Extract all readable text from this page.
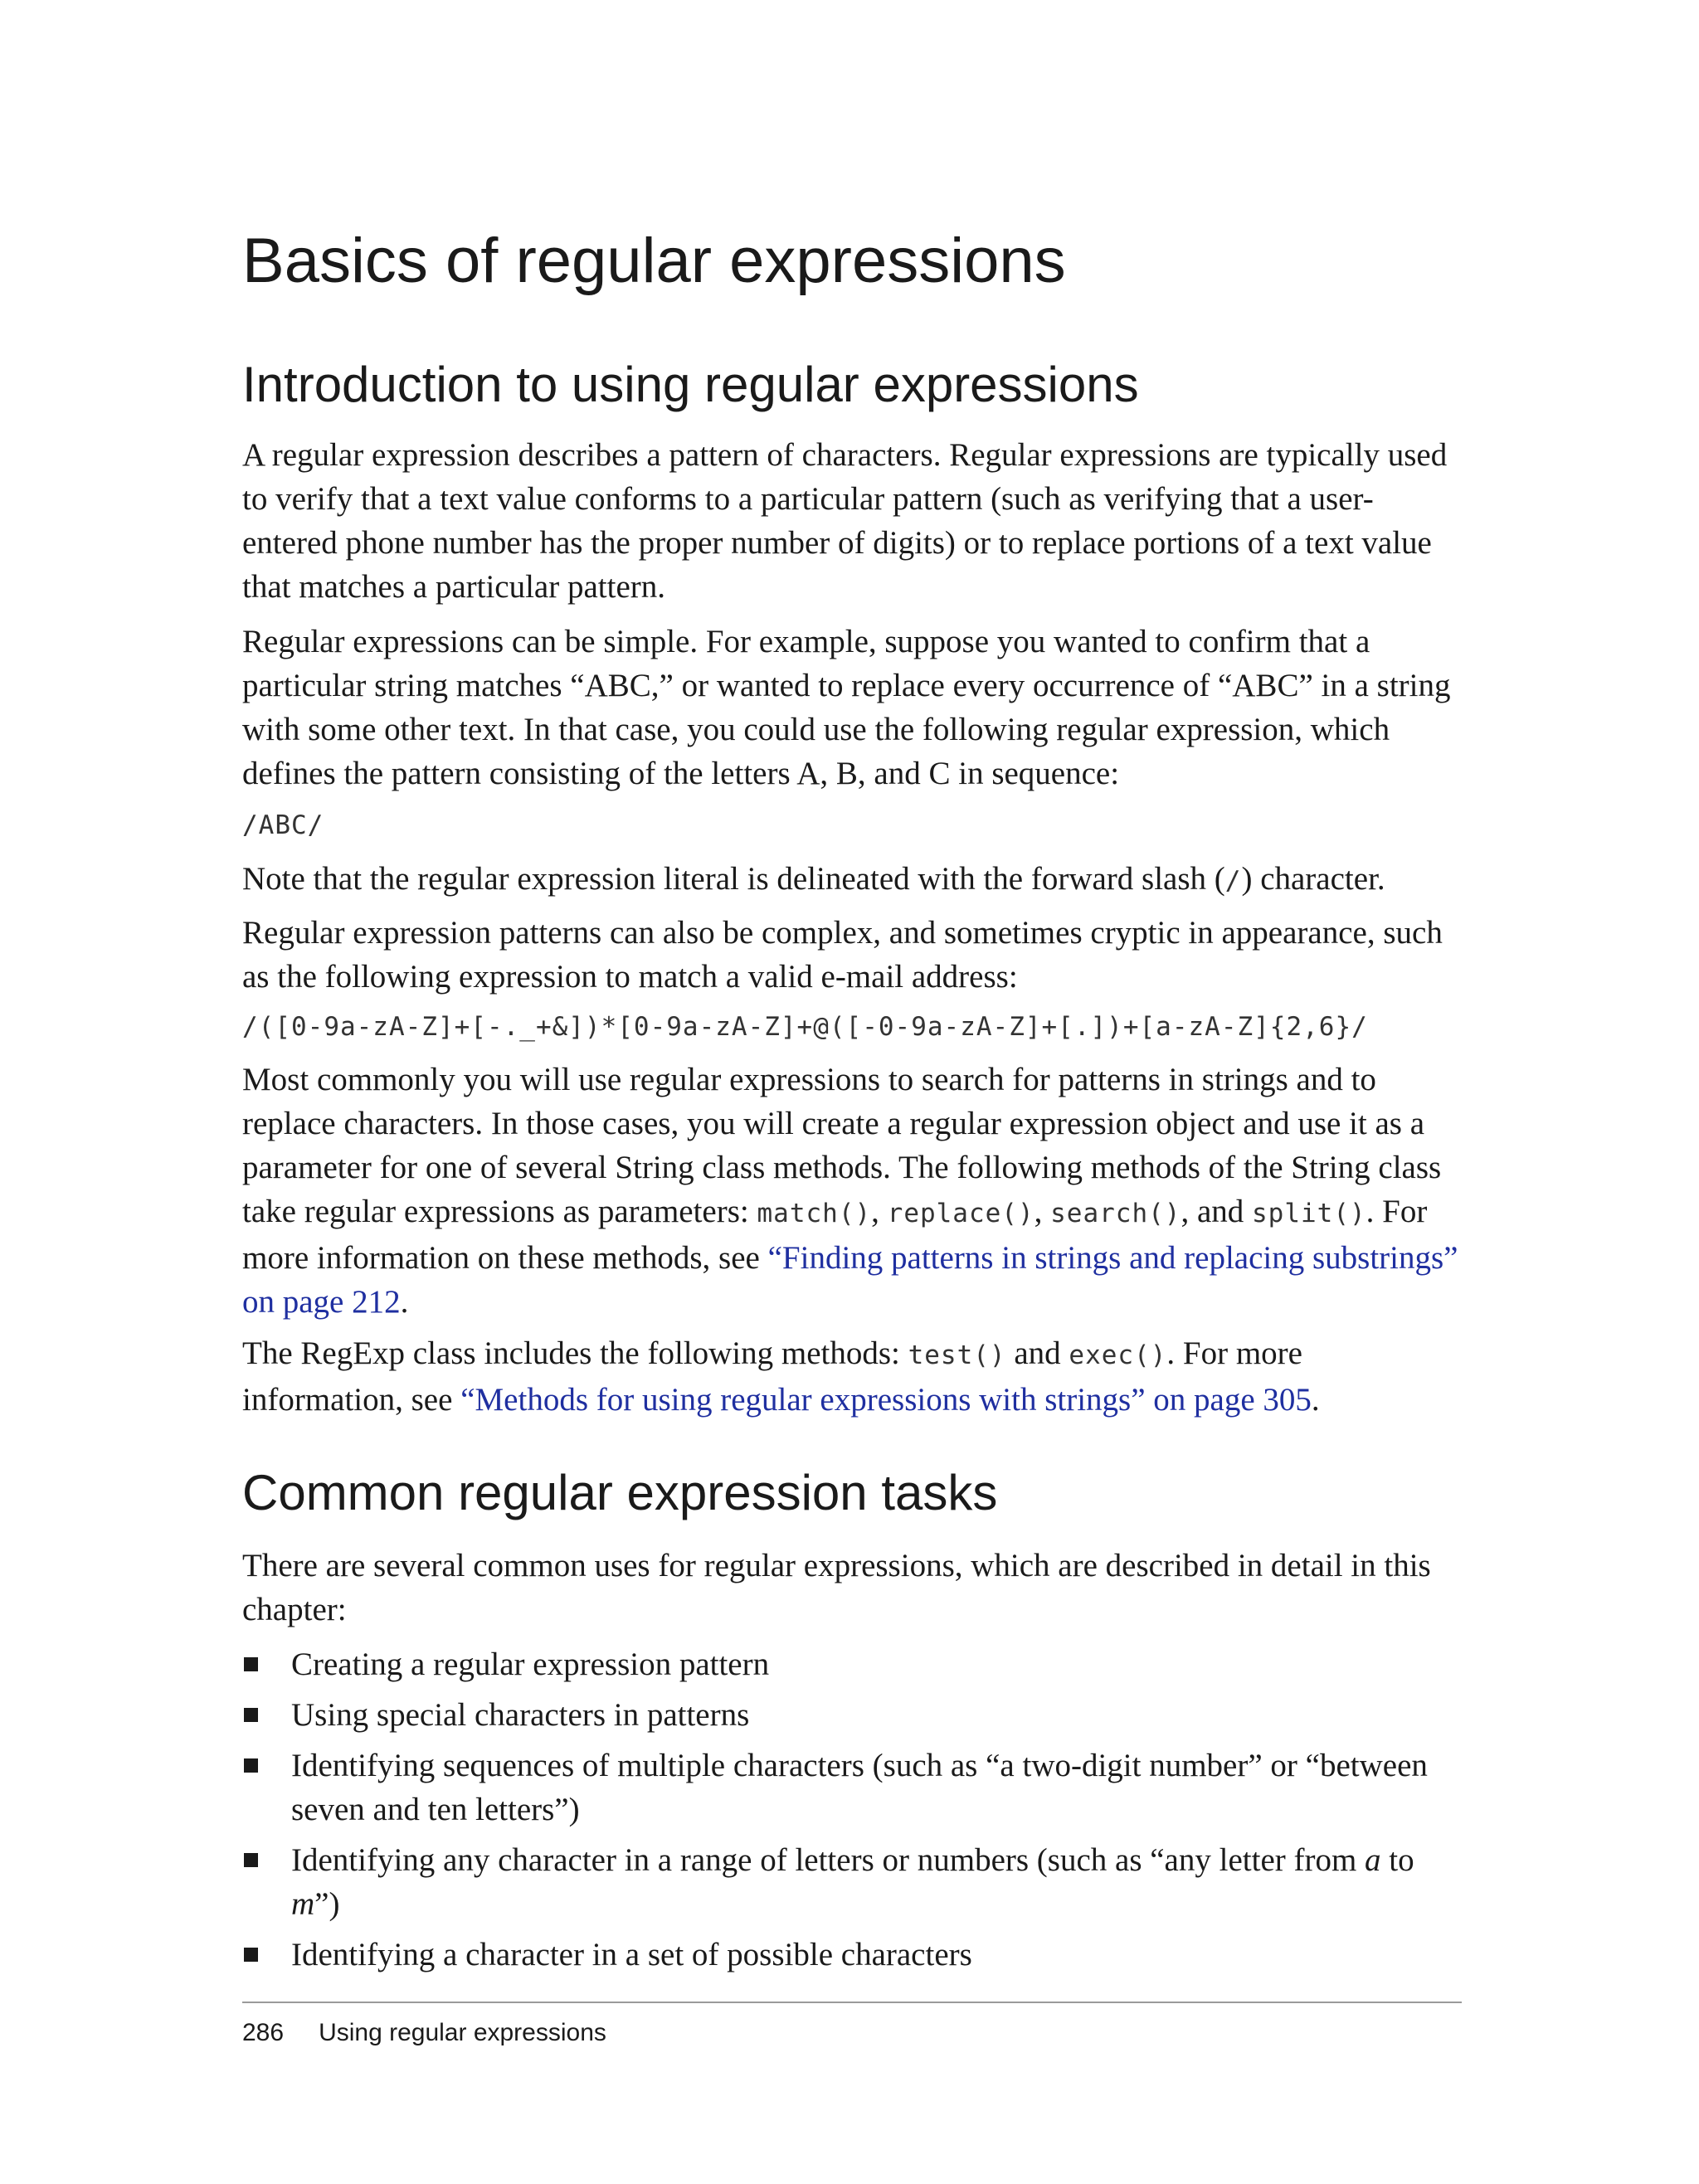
Basics of regular expressions
Introduction to using regular expressions

A regular expression describes a pattern of characters. Regular expressions are typically used to verify that a text value conforms to a particular pattern (such as verifying that a user-entered phone number has the proper number of digits) or to replace portions of a text value that matches a particular pattern.

Regular expressions can be simple. For example, suppose you wanted to confirm that a particular string matches “ABC,” or wanted to replace every occurrence of “ABC” in a string with some other text. In that case, you could use the following regular expression, which defines the pattern consisting of the letters A, B, and C in sequence:

/ABC/

Note that the regular expression literal is delineated with the forward slash (/) character.

Regular expression patterns can also be complex, and sometimes cryptic in appearance, such as the following expression to match a valid e-mail address:

/([0-9a-zA-Z]+[-._+&])*[0-9a-zA-Z]+@([-0-9a-zA-Z]+[.])+[a-zA-Z]{2,6}/

Most commonly you will use regular expressions to search for patterns in strings and to replace characters. In those cases, you will create a regular expression object and use it as a parameter for one of several String class methods. The following methods of the String class take regular expressions as parameters: match(), replace(), search(), and split(). For more information on these methods, see “Finding patterns in strings and replacing substrings” on page 212.

The RegExp class includes the following methods: test() and exec(). For more information, see “Methods for using regular expressions with strings” on page 305.

Common regular expression tasks

There are several common uses for regular expressions, which are described in detail in this chapter:

Creating a regular expression pattern
Using special characters in patterns
Identifying sequences of multiple characters (such as “a two-digit number” or “between seven and ten letters”)
Identifying any character in a range of letters or numbers (such as “any letter from a to m”)
Identifying a character in a set of possible characters
286 Using regular expressions
